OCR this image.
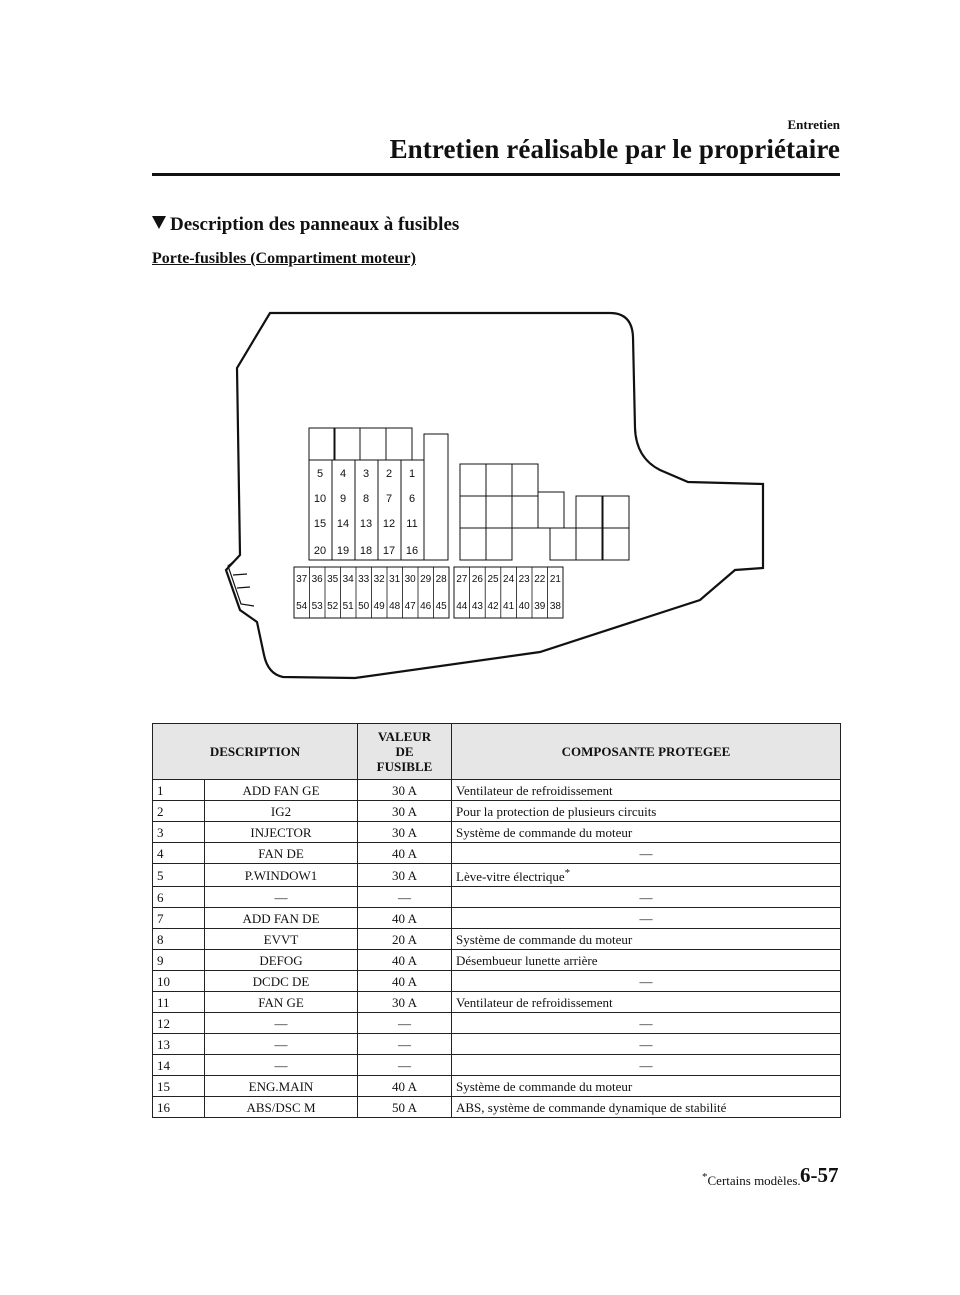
Entretien
Entretien réalisable par le propriétaire
Description des panneaux à fusibles
Porte-fusibles (Compartiment moteur)
5 4 3 2 1
10 9 8 7 6
15 14 13 12 11
20 19 18 17 16
37 36 35 34 33 32 31 30 29 28
54 53 52 51 50 49 48 47 46 45
27 26 25 24 23 22 21
44 43 42 41 40 39 38
DESCRIPTION		VALEUR
DE
FUSIBLE	COMPOSANTE PROTEGEE
1	ADD FAN GE	30 A	Ventilateur de refroidissement
2	IG2	30 A	Pour la protection de plusieurs circuits
3	INJECTOR	30 A	Système de commande du moteur
4	FAN DE	40 A	―
5	P.WINDOW1	30 A	Lève-vitre électrique*
6	―	―	―
7	ADD FAN DE	40 A	―
8	EVVT	20 A	Système de commande du moteur
9	DEFOG	40 A	Désembueur lunette arrière
10	DCDC DE	40 A	―
11	FAN GE	30 A	Ventilateur de refroidissement
12	―	―	―
13	―	―	―
14	―	―	―
15	ENG.MAIN	40 A	Système de commande du moteur
16	ABS/DSC M	50 A	ABS, système de commande dynamique de stabilité
*Certains modèles. 6-57
